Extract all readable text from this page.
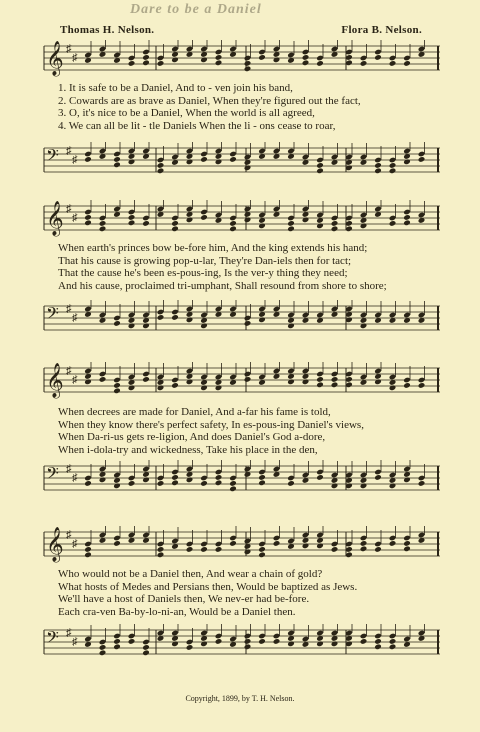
Dare to be a Daniel
Thomas H. Nelson.	Flora B. Nelson.
𝄞 ♯
♯
𝄢 ♯
♯
1. It is safe to be a Daniel, And to - ven join his band,
2. Cowards are as brave as Daniel, When they're figured out the fact,
3. O, it's nice to be a Daniel, When the world is all agreed,
4. We can all be lit - tle Daniels When the li - ons cease to roar,
𝄞 ♯
♯
𝄢 ♯
♯
When earth's princes bow be-fore him, And the king extends his hand;
That his cause is growing pop-u-lar, They're Dan-iels then for tact;
That the cause he's been es-pous-ing, Is the ver-y thing they need;
And his cause, proclaimed tri-umphant, Shall resound from shore to shore;
𝄞 ♯
♯
𝄢 ♯
♯
When decrees are made for Daniel, And a-far his fame is told,
When they know there's perfect safety, In es-pous-ing Daniel's views,
When Da-ri-us gets re-ligion, And does Daniel's God a-dore,
When i-dola-try and wickedness, Take his place in the den,
𝄞 ♯
♯
𝄢 ♯
♯
Who would not be a Daniel then, And wear a chain of gold?
What hosts of Medes and Persians then, Would be baptized as Jews.
We'll have a host of Daniels then, We nev-er had be-fore.
Each cra-ven Ba-by-lo-ni-an, Would be a Daniel then.
Copyright, 1899, by T. H. Nelson.
